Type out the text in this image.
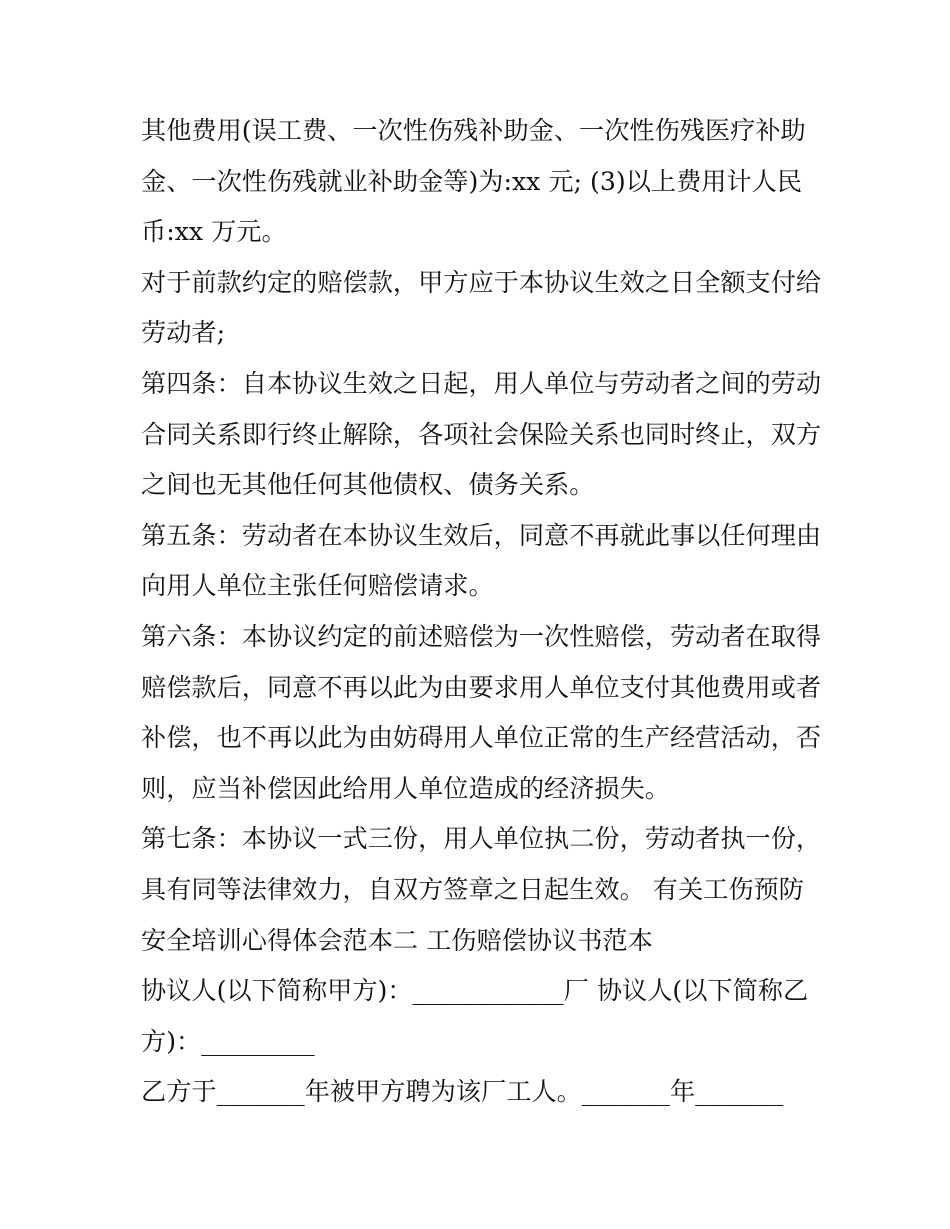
其他费用(误工费、一次性伤残补助金、一次性伤残医疗补助
金、一次性伤残就业补助金等)为:xx 元; (3)以上费用计人民
币:xx 万元。
对于前款约定的赔偿款，甲方应于本协议生效之日全额支付给
劳动者;
第四条：自本协议生效之日起，用人单位与劳动者之间的劳动
合同关系即行终止解除，各项社会保险关系也同时终止，双方
之间也无其他任何其他债权、债务关系。
第五条：劳动者在本协议生效后，同意不再就此事以任何理由
向用人单位主张任何赔偿请求。
第六条：本协议约定的前述赔偿为一次性赔偿，劳动者在取得
赔偿款后，同意不再以此为由要求用人单位支付其他费用或者
补偿，也不再以此为由妨碍用人单位正常的生产经营活动，否
则，应当补偿因此给用人单位造成的经济损失。
第七条：本协议一式三份，用人单位执二份，劳动者执一份，
具有同等法律效力，自双方签章之日起生效。 有关工伤预防
安全培训心得体会范本二 工伤赔偿协议书范本
协议人(以下简称甲方)：____________厂 协议人(以下简称乙
方)：_________
乙方于_______年被甲方聘为该厂工人。_______年_______
